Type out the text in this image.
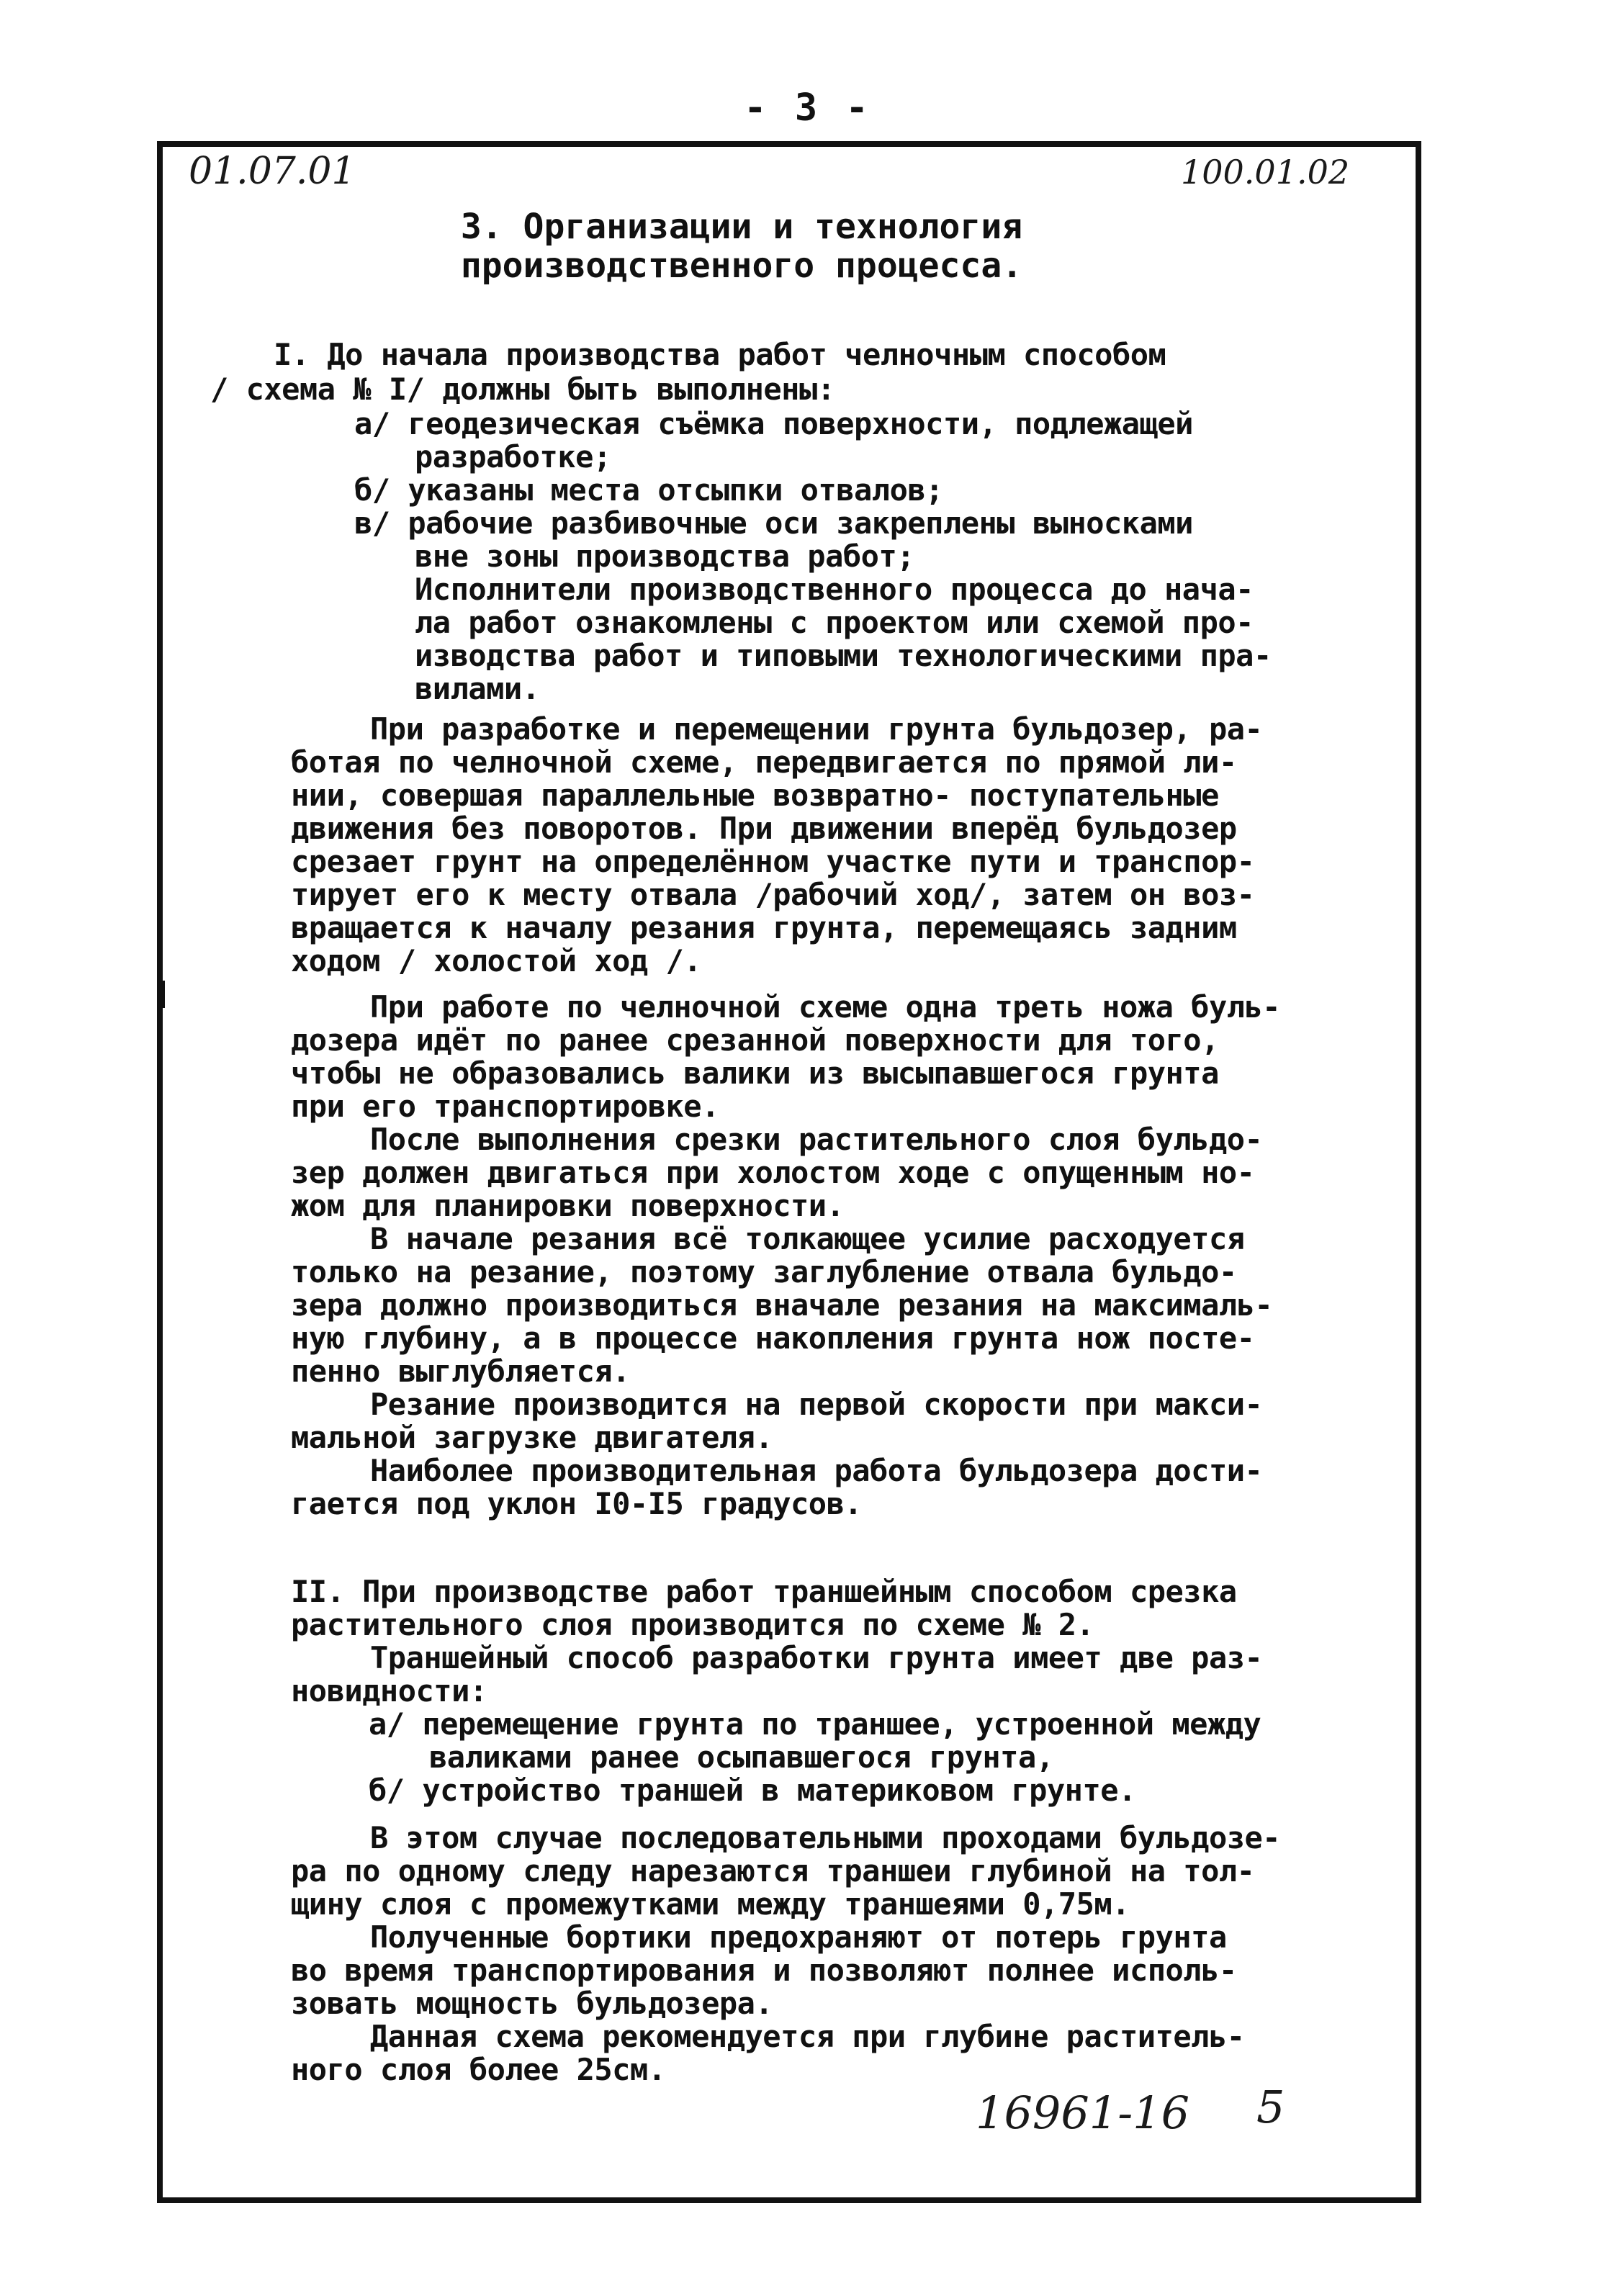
- 3 -
01.07.01	100.01.02
3. Организации и технология
производственного процесса.
I. До начала производства работ челночным способом
/ схема № I/ должны быть выполнены:
а/ геодезическая съёмка поверхности, подлежащей
разработке;
б/ указаны места отсыпки отвалов;
в/ рабочие разбивочные оси закреплены выносками
вне зоны производства работ;
Исполнители производственного процесса до нача-
ла работ ознакомлены с проектом или схемой про-
изводства работ и типовыми технологическими пра-
вилами.
При разработке и перемещении грунта бульдозер, ра-
ботая по челночной схеме, передвигается по прямой ли-
нии, совершая параллельные возвратно- поступательные
движения без поворотов. При движении вперёд бульдозер
срезает грунт на определённом участке пути и транспор-
тирует его к месту отвала /рабочий ход/, затем он воз-
вращается к началу резания грунта, перемещаясь задним
ходом / холостой ход /.
При работе по челночной схеме одна треть ножа буль-
дозера идёт по ранее срезанной поверхности для того,
чтобы не образовались валики из высыпавшегося грунта
при его транспортировке.
После выполнения срезки растительного слоя бульдо-
зер должен двигаться при холостом ходе с опущенным но-
жом для планировки поверхности.
В начале резания всё толкающее усилие расходуется
только на резание, поэтому заглубление отвала бульдо-
зера должно производиться вначале резания на максималь-
ную глубину, а в процессе накопления грунта нож посте-
пенно выглубляется.
Резание производится на первой скорости при макси-
мальной загрузке двигателя.
Наиболее производительная работа бульдозера дости-
гается под уклон I0-I5 градусов.
II. При производстве работ траншейным способом срезка
растительного слоя производится по схеме № 2.
Траншейный способ разработки грунта имеет две раз-
новидности:
а/ перемещение грунта по траншее, устроенной между
валиками ранее осыпавшегося грунта,
б/ устройство траншей в материковом грунте.
В этом случае последовательными проходами бульдозе-
ра по одному следу нарезаются траншеи глубиной на тол-
щину слоя с промежутками между траншеями 0,75м.
Полученные бортики предохраняют от потерь грунта
во время транспортирования и позволяют полнее исполь-
зовать мощность бульдозера.
Данная схема рекомендуется при глубине раститель-
ного слоя более 25см.
16961-16 5
